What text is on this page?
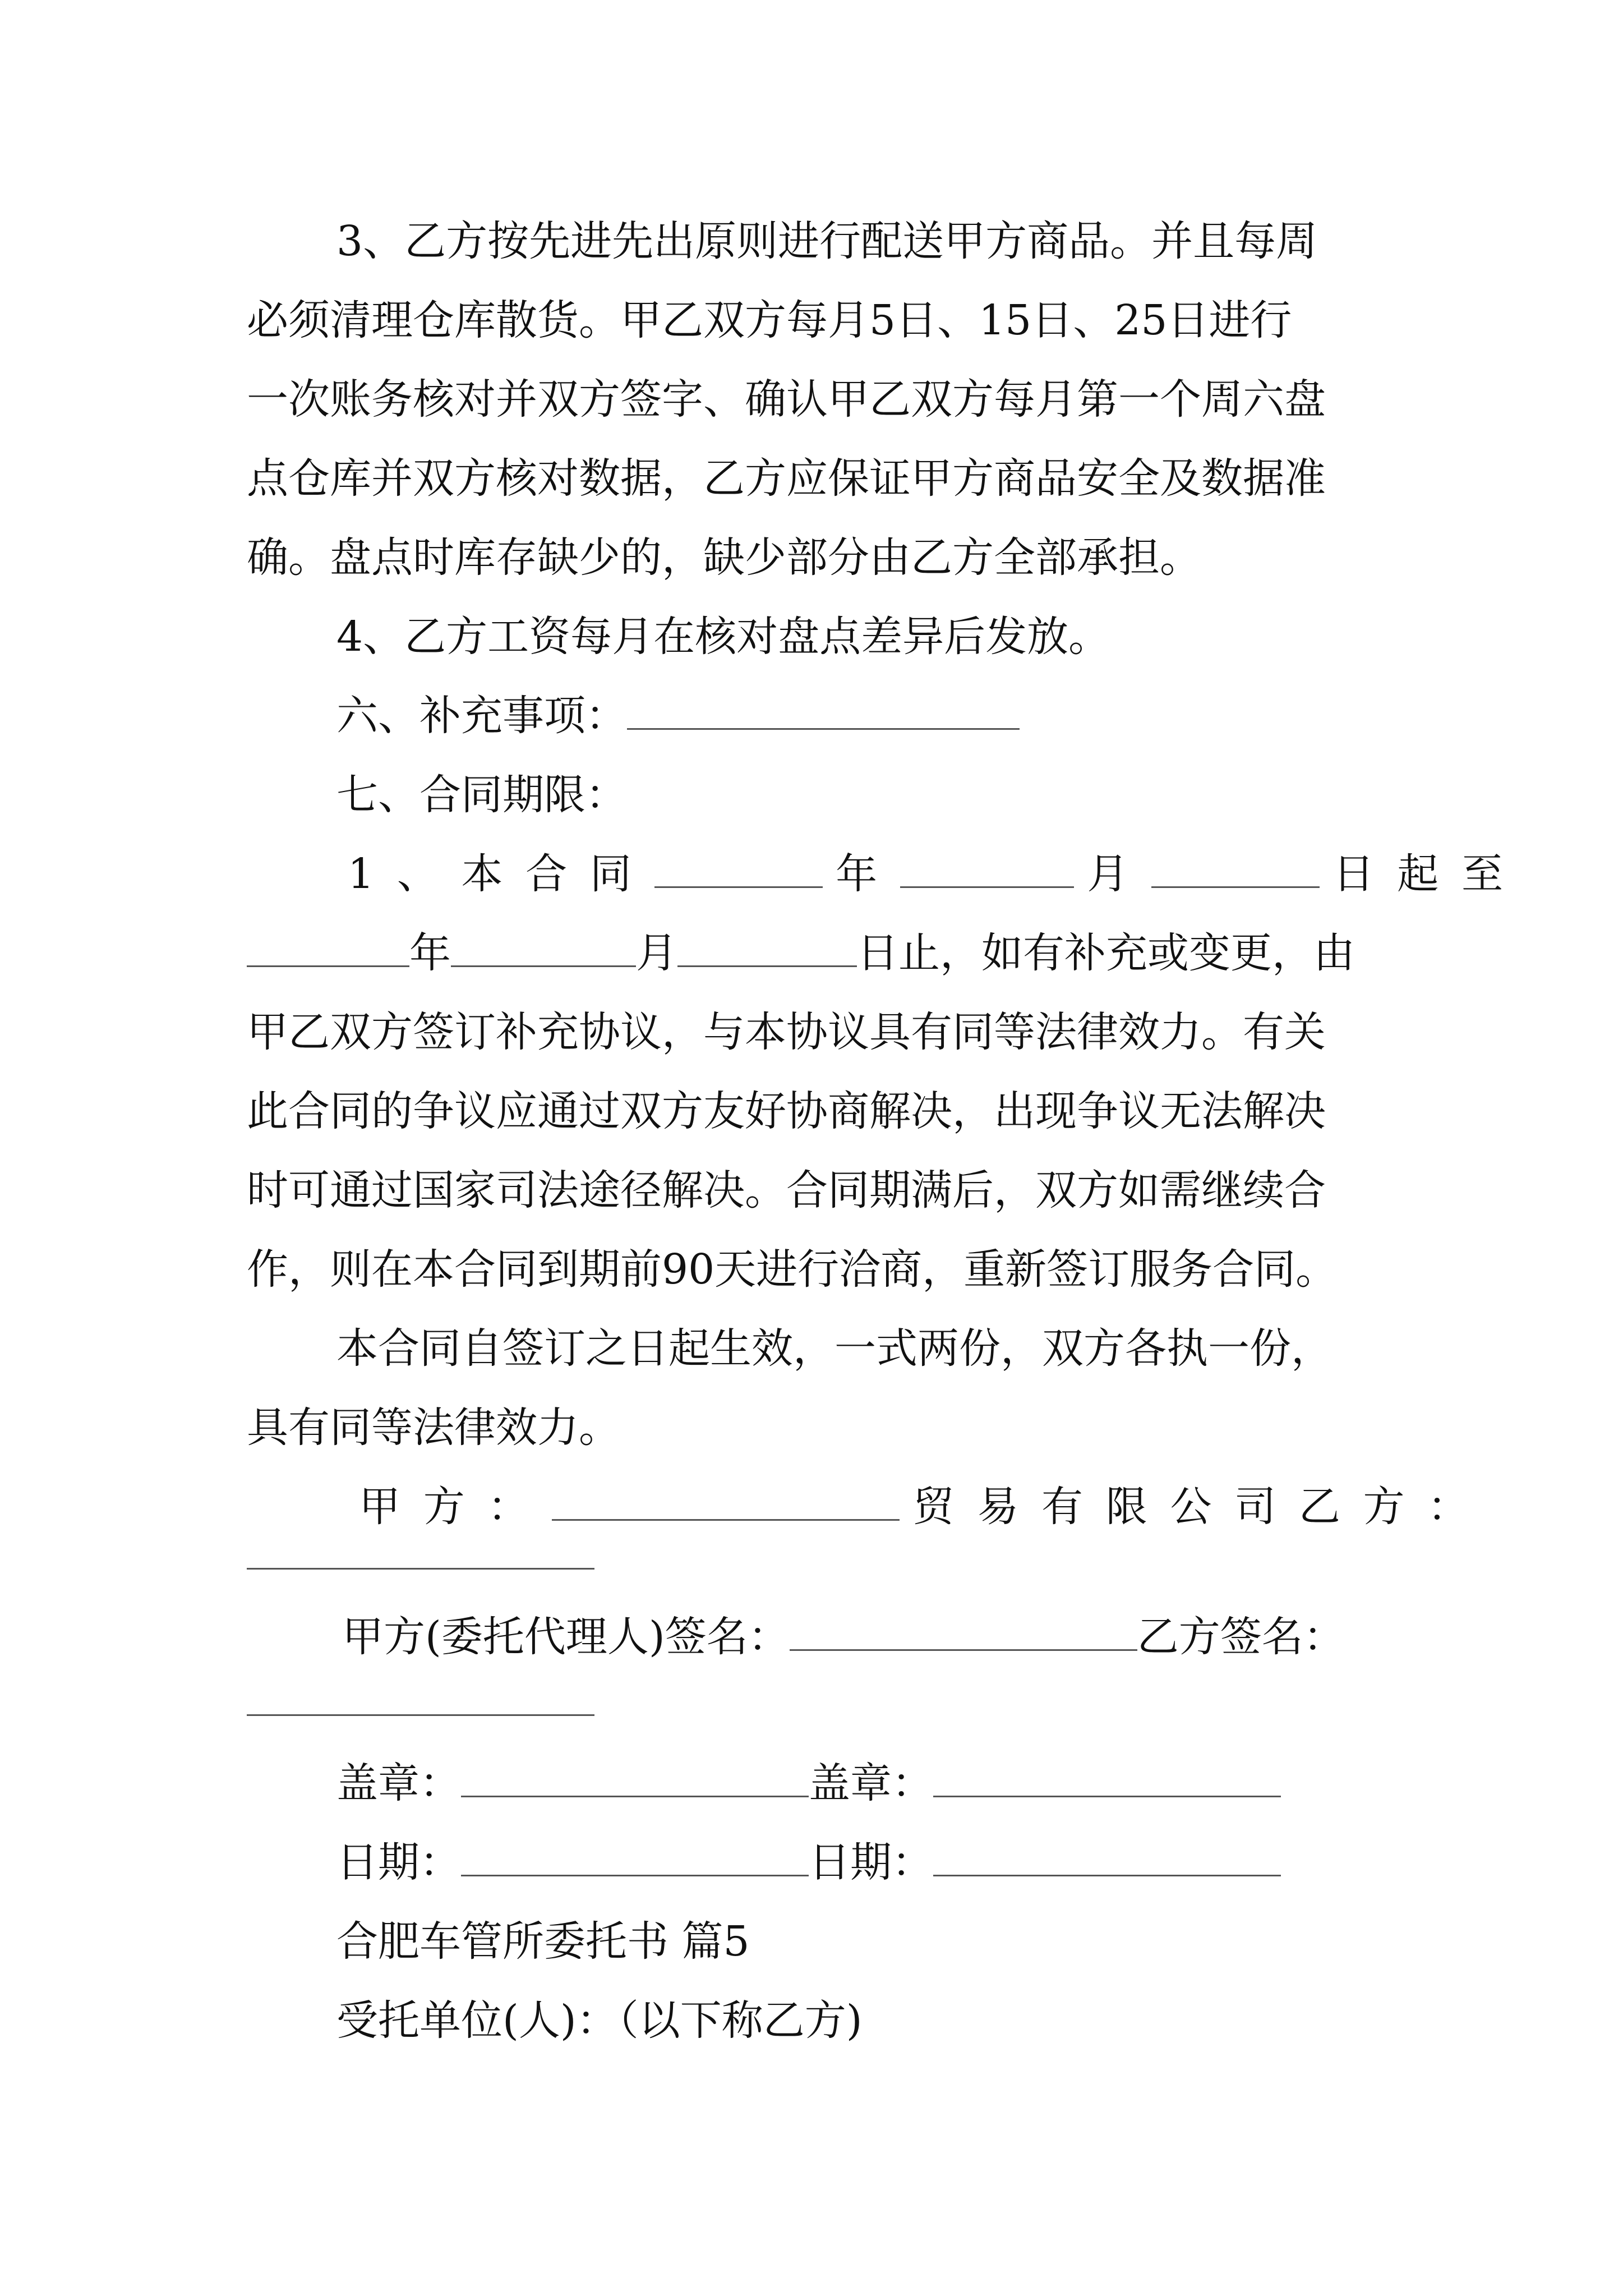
3、乙方按先进先出原则进行配送甲方商品。并且每周
必须清理仓库散货。甲乙双方每月5日、15日、25日进行
一次账务核对并双方签字、确认甲乙双方每月第一个周六盘
点仓库并双方核对数据，乙方应保证甲方商品安全及数据准
确。盘点时库存缺少的，缺少部分由乙方全部承担。
4、乙方工资每月在核对盘点差异后发放。
六、补充事项：
七、合同期限：
1、本合同	年	月	日起至
年	月	日止，如有补充或变更，由
甲乙双方签订补充协议，与本协议具有同等法律效力。有关
此合同的争议应通过双方友好协商解决，出现争议无法解决
时可通过国家司法途径解决。合同期满后，双方如需继续合
作，则在本合同到期前90天进行洽商，重新签订服务合同。
本合同自签订之日起生效，一式两份，双方各执一份，
具有同等法律效力。
甲方：	贸易有限公司乙方：
甲方(委托代理人)签名：	乙方签名：
盖章：	盖章：
日期：	日期：
合肥车管所委托书 篇5
受托单位(人)：（以下称乙方)
